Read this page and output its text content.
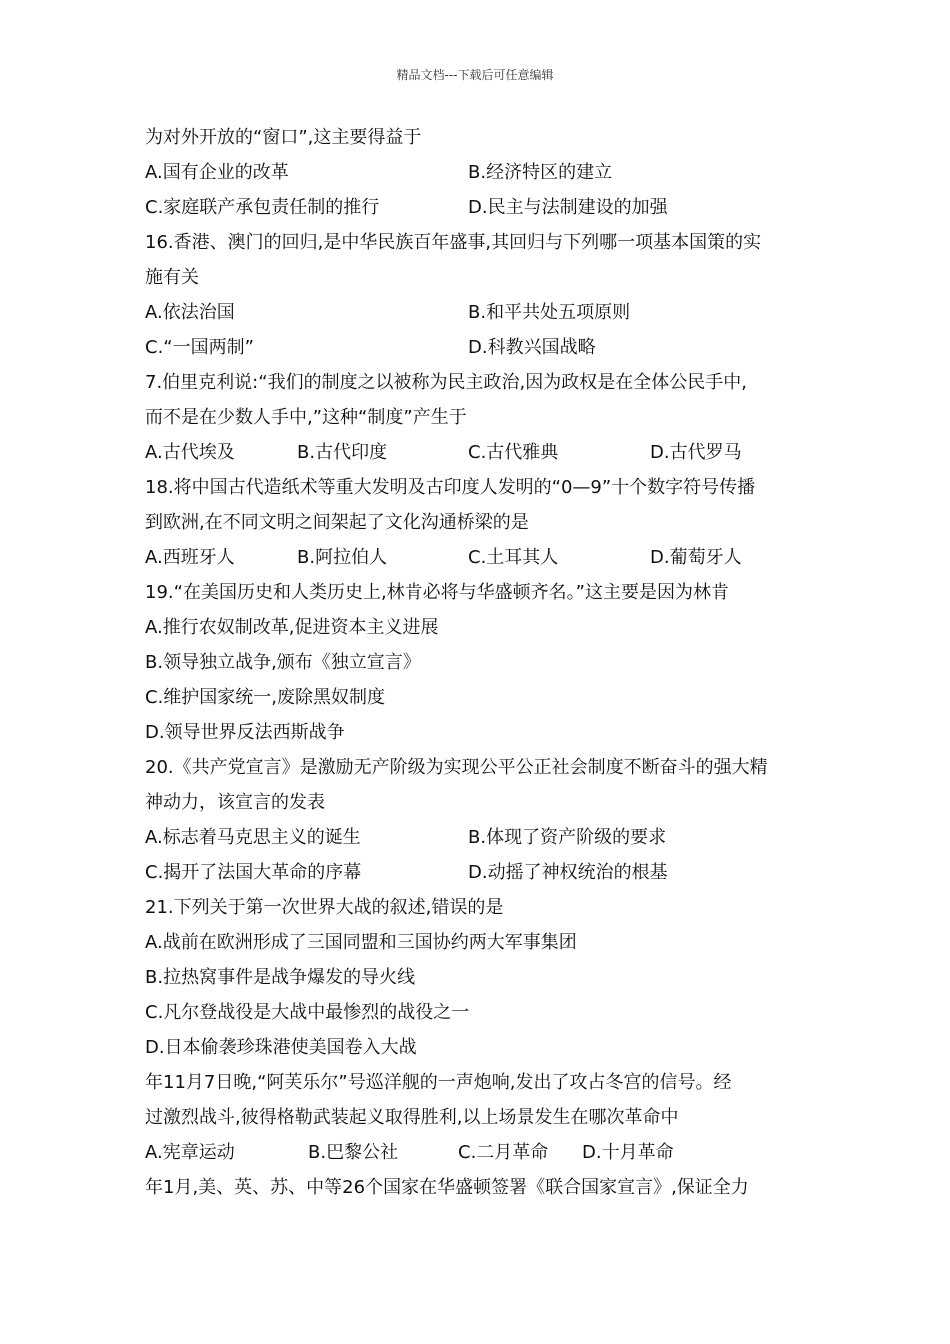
精品文档---下载后可任意编辑
为对外开放的“窗口”,这主要得益于
A.国有企业的改革	B.经济特区的建立
C.家庭联产承包责任制的推行	D.民主与法制建设的加强
16.香港、澳门的回归,是中华民族百年盛事,其回归与下列哪一项基本国策的实
施有关
A.依法治国	B.和平共处五项原则
C.“一国两制”	D.科教兴国战略
7.伯里克利说:“我们的制度之以被称为民主政治,因为政权是在全体公民手中,
而不是在少数人手中,”这种“制度”产生于
A.古代埃及	B.古代印度	C.古代雅典	D.古代罗马
18.将中国古代造纸术等重大发明及古印度人发明的“0—9”十个数字符号传播
到欧洲,在不同文明之间架起了文化沟通桥梁的是
A.西班牙人	B.阿拉伯人	C.土耳其人	D.葡萄牙人
19.“在美国历史和人类历史上,林肯必将与华盛顿齐名。”这主要是因为林肯
A.推行农奴制改革,促进资本主义进展
B.领导独立战争,颁布《独立宣言》
C.维护国家统一,废除黑奴制度
D.领导世界反法西斯战争
20.《共产党宣言》是激励无产阶级为实现公平公正社会制度不断奋斗的强大精
神动力，该宣言的发表
A.标志着马克思主义的诞生	B.体现了资产阶级的要求
C.揭开了法国大革命的序幕	D.动摇了神权统治的根基
21.下列关于第一次世界大战的叙述,错误的是
A.战前在欧洲形成了三国同盟和三国协约两大军事集团
B.拉热窝事件是战争爆发的导火线
C.凡尔登战役是大战中最惨烈的战役之一
D.日本偷袭珍珠港使美国卷入大战
年11月7日晚,“阿芙乐尔”号巡洋舰的一声炮响,发出了攻占冬宫的信号。经
过激烈战斗,彼得格勒武装起义取得胜利,以上场景发生在哪次革命中
A.宪章运动	B.巴黎公社	C.二月革命 D.十月革命
年1月,美、英、苏、中等26个国家在华盛顿签署《联合国家宣言》,保证全力
